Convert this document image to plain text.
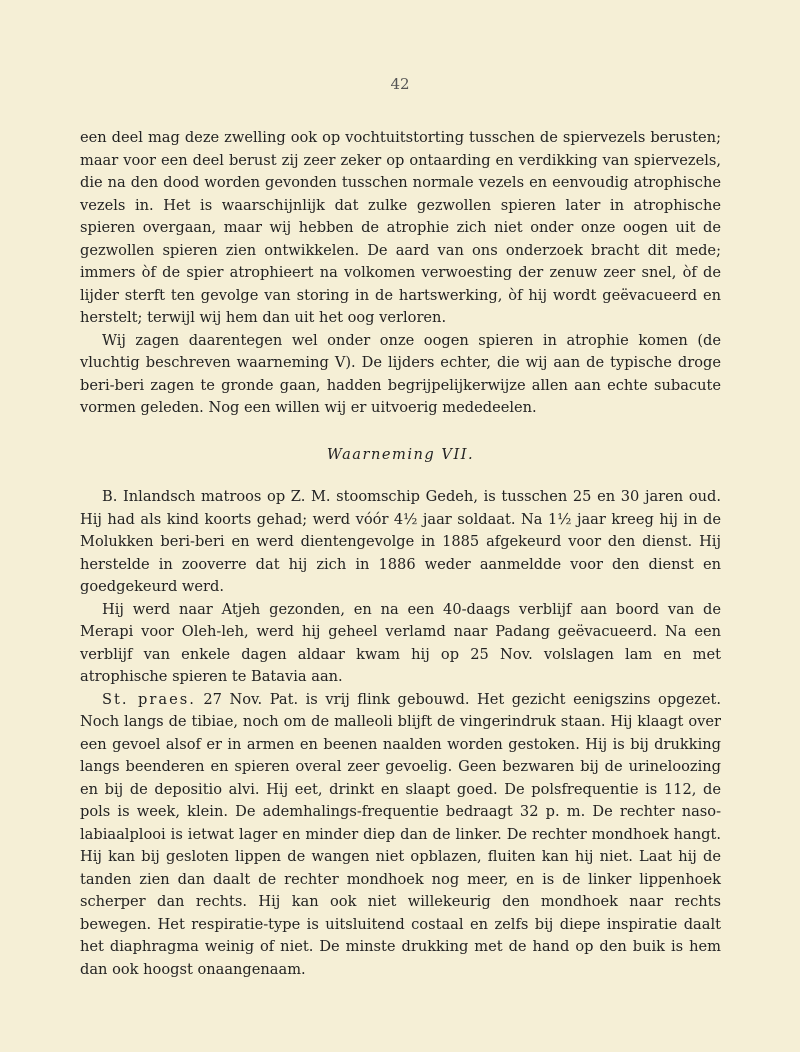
42

een deel mag deze zwelling ook op vochtuitstorting tusschen de spiervezels berusten; maar voor een deel berust zij zeer zeker op ontaarding en verdikking van spiervezels, die na den dood worden gevonden tusschen normale vezels en eenvoudig atrophische vezels in. Het is waarschijnlijk dat zulke gezwollen spieren later in atrophische spieren overgaan, maar wij hebben de atrophie zich niet onder onze oogen uit de gezwollen spieren zien ontwikkelen. De aard van ons onderzoek bracht dit mede; immers òf de spier atrophieert na volkomen verwoesting der zenuw zeer snel, òf de lijder sterft ten gevolge van storing in de hartswerking, òf hij wordt geëvacueerd en herstelt; terwijl wij hem dan uit het oog verloren.

Wij zagen daarentegen wel onder onze oogen spieren in atrophie komen (de vluchtig beschreven waarneming V). De lijders echter, die wij aan de typische droge beri-beri zagen te gronde gaan, hadden begrijpelijkerwijze allen aan echte subacute vormen geleden. Nog een willen wij er uitvoerig mededeelen.

Waarneming VII.

B. Inlandsch matroos op Z. M. stoomschip Gedeh, is tusschen 25 en 30 jaren oud. Hij had als kind koorts gehad; werd vóór 4½ jaar soldaat. Na 1½ jaar kreeg hij in de Molukken beri-beri en werd dientengevolge in 1885 afgekeurd voor den dienst. Hij herstelde in zooverre dat hij zich in 1886 weder aanmeldde voor den dienst en goedgekeurd werd.

Hij werd naar Atjeh gezonden, en na een 40-daags verblijf aan boord van de Merapi voor Oleh-leh, werd hij geheel verlamd naar Padang geëvacueerd. Na een verblijf van enkele dagen aldaar kwam hij op 25 Nov. volslagen lam en met atrophische spieren te Batavia aan.

St. praes. 27 Nov. Pat. is vrij flink gebouwd. Het gezicht eenigszins opgezet. Noch langs de tibiae, noch om de malleoli blijft de vingerindruk staan. Hij klaagt over een gevoel alsof er in armen en beenen naalden worden gestoken. Hij is bij drukking langs beenderen en spieren overal zeer gevoelig. Geen bezwaren bij de urineloozing en bij de depositio alvi. Hij eet, drinkt en slaapt goed. De polsfrequentie is 112, de pols is week, klein. De ademhalings-frequentie bedraagt 32 p. m. De rechter naso-labiaalplooi is ietwat lager en minder diep dan de linker. De rechter mondhoek hangt. Hij kan bij gesloten lippen de wangen niet opblazen, fluiten kan hij niet. Laat hij de tanden zien dan daalt de rechter mondhoek nog meer, en is de linker lippenhoek scherper dan rechts. Hij kan ook niet willekeurig den mondhoek naar rechts bewegen. Het respiratie-type is uitsluitend costaal en zelfs bij diepe inspiratie daalt het diaphragma weinig of niet. De minste drukking met de hand op den buik is hem dan ook hoogst onaangenaam.
